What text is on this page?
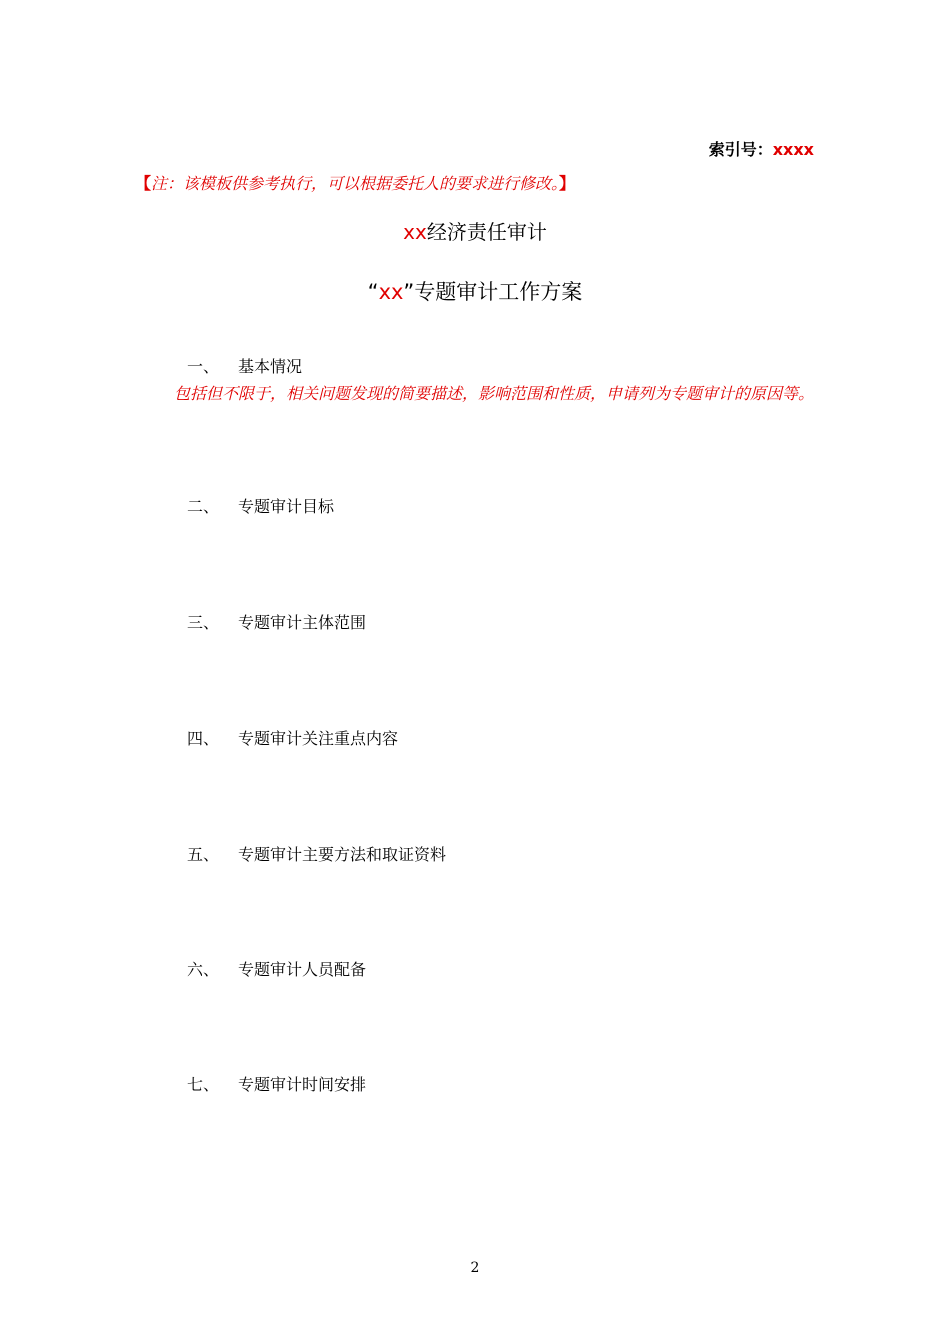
索引号：xxxx
【注：该模板供参考执行，可以根据委托人的要求进行修改。】
xx经济责任审计
“xx”专题审计工作方案
一、 基本情况
包括但不限于，相关问题发现的简要描述，影响范围和性质，申请列为专题审计的原因等。
二、 专题审计目标
三、 专题审计主体范围
四、 专题审计关注重点内容
五、 专题审计主要方法和取证资料
六、 专题审计人员配备
七、 专题审计时间安排
2
